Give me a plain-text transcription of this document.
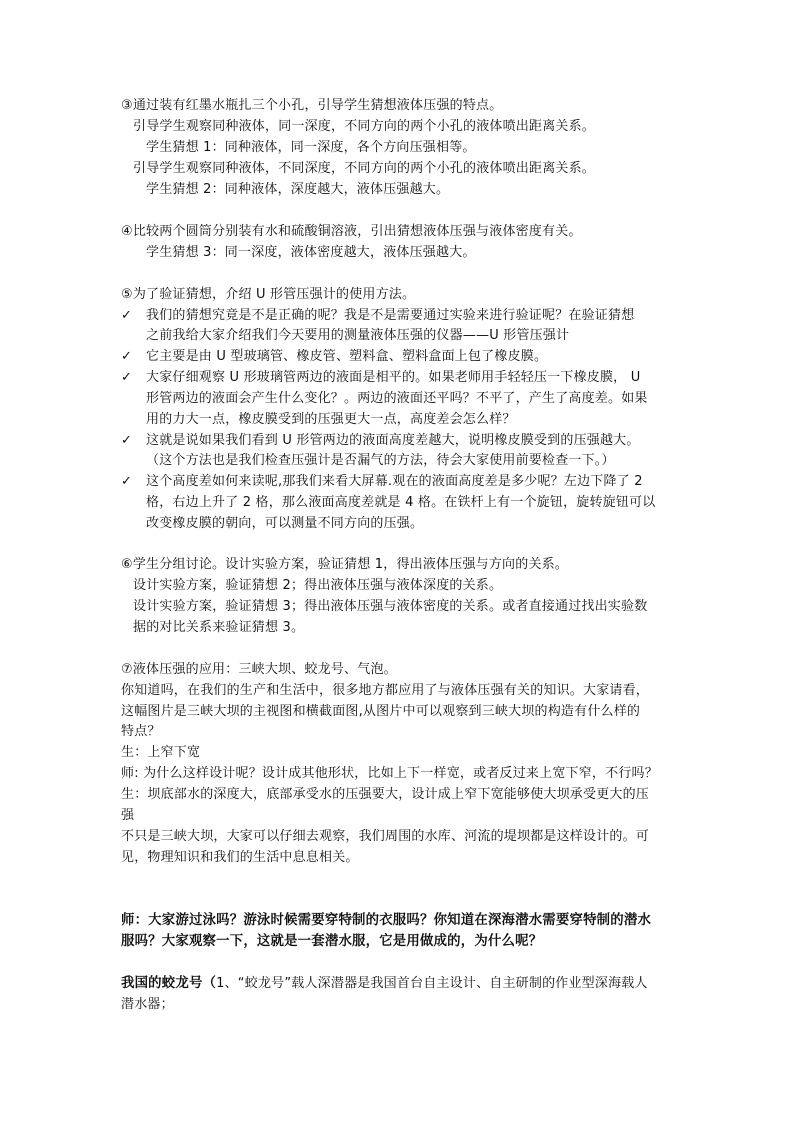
③通过装有红墨水瓶扎三个小孔，引导学生猜想液体压强的特点。
引导学生观察同种液体，同一深度，不同方向的两个小孔的液体喷出距离关系。
学生猜想 1：同种液体，同一深度，各个方向压强相等。
引导学生观察同种液体，不同深度，不同方向的两个小孔的液体喷出距离关系。
学生猜想 2：同种液体，深度越大，液体压强越大。
④比较两个圆筒分别装有水和硫酸铜溶液，引出猜想液体压强与液体密度有关。
学生猜想 3：同一深度，液体密度越大，液体压强越大。
⑤为了验证猜想，介绍 U 形管压强计的使用方法。
✓ 我们的猜想究竟是不是正确的呢？我是不是需要通过实验来进行验证呢？在验证猜想
之前我给大家介绍我们今天要用的测量液体压强的仪器——U 形管压强计
✓ 它主要是由 U 型玻璃管、橡皮管、塑料盒、塑料盒面上包了橡皮膜。
✓ 大家仔细观察 U 形玻璃管两边的液面是相平的。如果老师用手轻轻压一下橡皮膜， U
形管两边的液面会产生什么变化？。两边的液面还平吗？不平了，产生了高度差。如果
用的力大一点，橡皮膜受到的压强更大一点，高度差会怎么样？
✓ 这就是说如果我们看到 U 形管两边的液面高度差越大，说明橡皮膜受到的压强越大。
（这个方法也是我们检查压强计是否漏气的方法，待会大家使用前要检查一下。）
✓ 这个高度差如何来读呢,那我们来看大屏幕.观在的液面高度差是多少呢？左边下降了 2
格，右边上升了 2 格，那么液面高度差就是 4 格。在铁杆上有一个旋钮，旋转旋钮可以
改变橡皮膜的朝向，可以测量不同方向的压强。
⑥学生分组讨论。设计实验方案，验证猜想 1，得出液体压强与方向的关系。
设计实验方案，验证猜想 2；得出液体压强与液体深度的关系。
设计实验方案，验证猜想 3；得出液体压强与液体密度的关系。或者直接通过找出实验数
据的对比关系来验证猜想 3。
⑦液体压强的应用：三峡大坝、蛟龙号、气泡。
你知道吗，在我们的生产和生活中，很多地方都应用了与液体压强有关的知识。大家请看，
这幅图片是三峡大坝的主视图和横截面图,从图片中可以观察到三峡大坝的构造有什么样的
特点？
生：上窄下宽
师: 为什么这样设计呢？设计成其他形状，比如上下一样宽，或者反过来上宽下窄，不行吗？
生：坝底部水的深度大，底部承受水的压强要大，设计成上窄下宽能够使大坝承受更大的压
强
不只是三峡大坝，大家可以仔细去观察，我们周围的水库、河流的堤坝都是这样设计的。可
见，物理知识和我们的生活中息息相关。
师：大家游过泳吗？游泳时候需要穿特制的衣服吗？你知道在深海潜水需要穿特制的潜水
服吗？大家观察一下，这就是一套潜水服，它是用做成的，为什么呢？
我国的蛟龙号（1、“蛟龙号”载人深潜器是我国首台自主设计、自主研制的作业型深海载人
潜水器；
